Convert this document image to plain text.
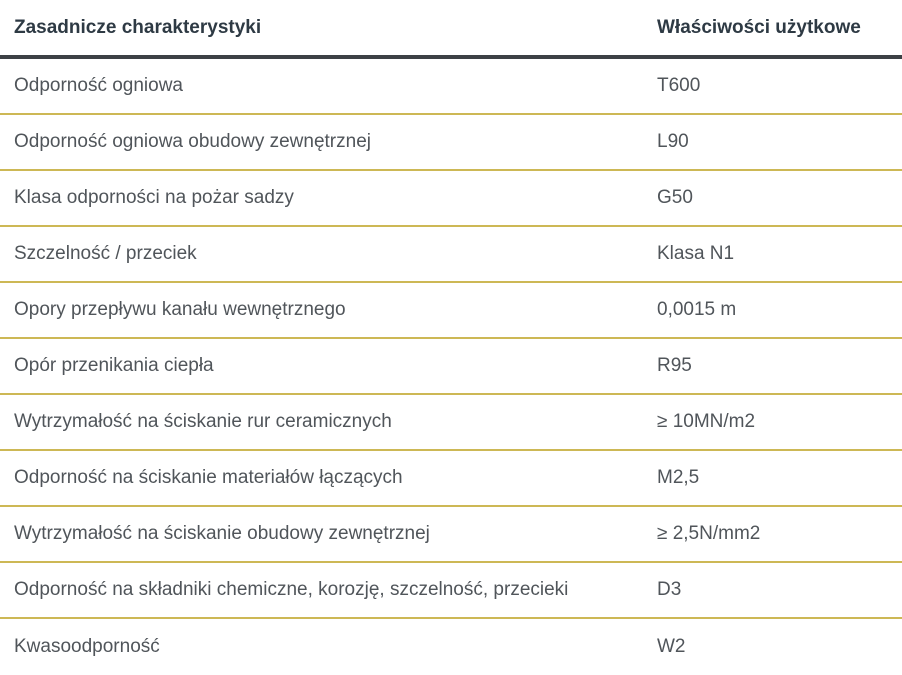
Zasadnicze charakterystyki	Właściwości użytkowe
Odporność ogniowa	T600
Odporność ogniowa obudowy zewnętrznej	L90
Klasa odporności na pożar sadzy	G50
Szczelność / przeciek	Klasa N1
Opory przepływu kanału wewnętrznego	0,0015 m
Opór przenikania ciepła	R95
Wytrzymałość na ściskanie rur ceramicznych	≥ 10MN/m2
Odporność na ściskanie materiałów łączących	M2,5
Wytrzymałość na ściskanie obudowy zewnętrznej	≥ 2,5N/mm2
Odporność na składniki chemiczne, korozję, szczelność, przecieki	D3
Kwasoodporność	W2
